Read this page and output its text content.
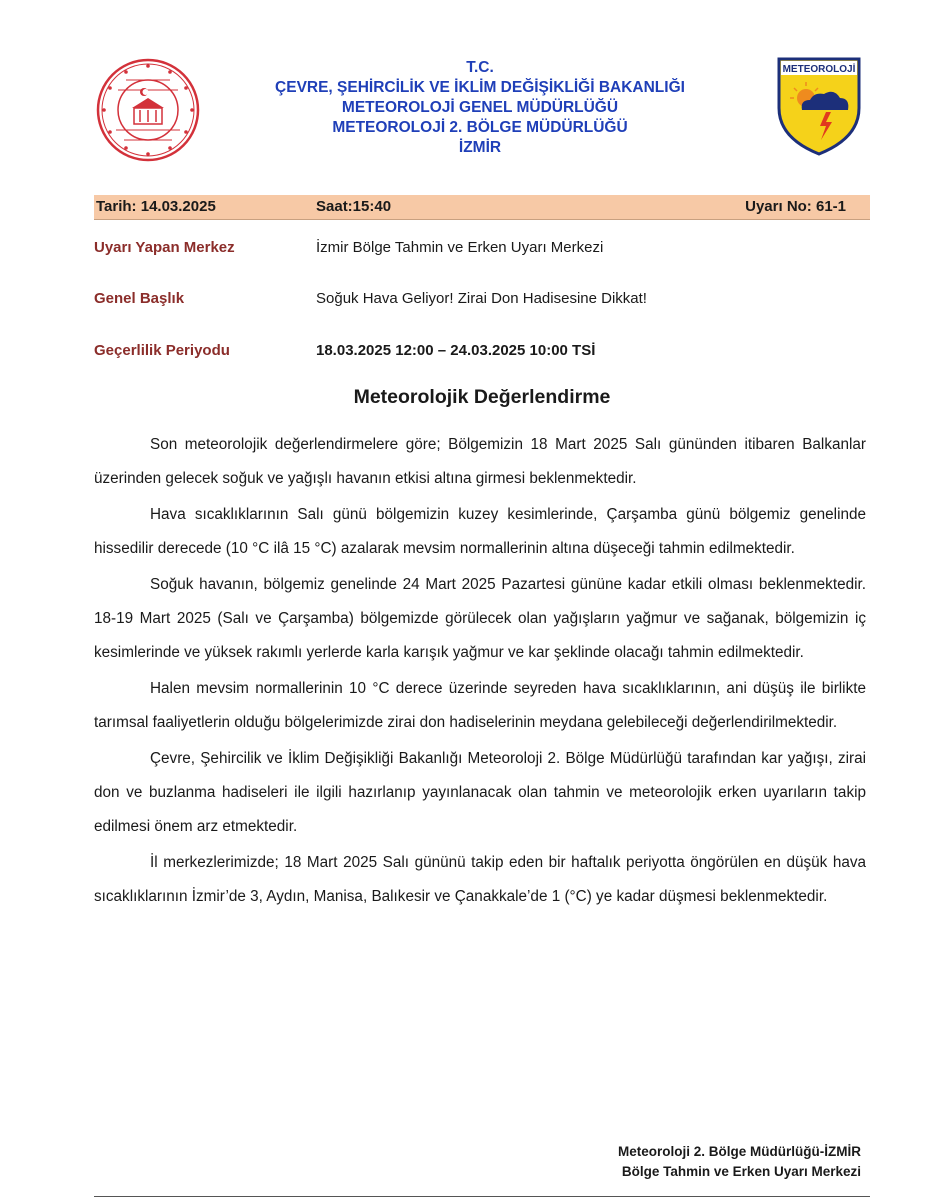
T.C.
ÇEVRE, ŞEHİRCİLİK VE İKLİM DEĞİŞİKLİĞİ BAKANLIĞI
METEOROLOJİ GENEL MÜDÜRLÜĞÜ
METEOROLOJİ 2. BÖLGE MÜDÜRLÜĞÜ
İZMİR
METEOROLOJİ
Tarih: 14.03.2025	Saat:15:40	Uyarı No: 61-1
Uyarı Yapan Merkez	İzmir Bölge Tahmin ve Erken Uyarı Merkezi
Genel Başlık	Soğuk Hava Geliyor! Zirai Don Hadisesine Dikkat!
Geçerlilik Periyodu	18.03.2025 12:00 – 24.03.2025 10:00 TSİ
Meteorolojik Değerlendirme

Son meteorolojik değerlendirmelere göre; Bölgemizin 18 Mart 2025 Salı gününden itibaren Balkanlar üzerinden gelecek soğuk ve yağışlı havanın etkisi altına girmesi beklenmektedir.

Hava sıcaklıklarının Salı günü bölgemizin kuzey kesimlerinde, Çarşamba günü bölgemiz genelinde hissedilir derecede (10 °C ilâ 15 °C) azalarak mevsim normallerinin altına düşeceği tahmin edilmektedir.

Soğuk havanın, bölgemiz genelinde 24 Mart 2025 Pazartesi gününe kadar etkili olması beklenmektedir. 18-19 Mart 2025 (Salı ve Çarşamba) bölgemizde görülecek olan yağışların yağmur ve sağanak, bölgemizin iç kesimlerinde ve yüksek rakımlı yerlerde karla karışık yağmur ve kar şeklinde olacağı tahmin edilmektedir.

Halen mevsim normallerinin 10 °C derece üzerinde seyreden hava sıcaklıklarının, ani düşüş ile birlikte tarımsal faaliyetlerin olduğu bölgelerimizde zirai don hadiselerinin meydana gelebileceği değerlendirilmektedir.

Çevre, Şehircilik ve İklim Değişikliği Bakanlığı Meteoroloji 2. Bölge Müdürlüğü tarafından kar yağışı, zirai don ve buzlanma hadiseleri ile ilgili hazırlanıp yayınlanacak olan tahmin ve meteorolojik erken uyarıların takip edilmesi önem arz etmektedir.

İl merkezlerimizde; 18 Mart 2025 Salı gününü takip eden bir haftalık periyotta öngörülen en düşük hava sıcaklıklarının İzmir’de 3, Aydın, Manisa, Balıkesir ve Çanakkale’de 1 (°C) ye kadar düşmesi beklenmektedir.

Meteoroloji 2. Bölge Müdürlüğü-İZMİR
Bölge Tahmin ve Erken Uyarı Merkezi
